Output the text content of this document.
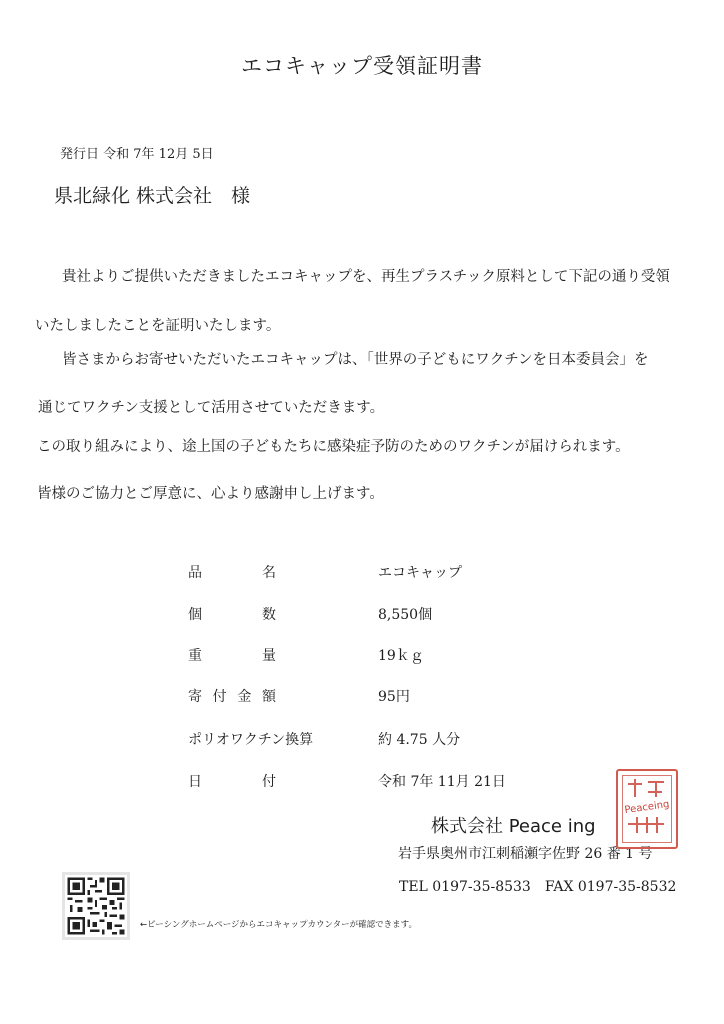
エコキャップ受領証明書
発行日 令和 7年 12月 5日
県北緑化 株式会社　様
貴社よりご提供いただきましたエコキャップを、再生プラスチック原料として下記の通り受領
いたしましたことを証明いたします。
皆さまからお寄せいただいたエコキャップは、「世界の子どもにワクチンを日本委員会」を
通じてワクチン支援として活用させていただきます。
この取り組みにより、途上国の子どもたちに感染症予防のためのワクチンが届けられます。
皆様のご協力とご厚意に、心より感謝申し上げます。
品	名	エコキャップ
個	数	8,550個
重	量	19ｋｇ
寄 付 金 額	95円
ポリオワクチン換算	約 4.75 人分
日	付	令和 7年 11月 21日
株式会社 Peace ing
岩手県奥州市江刺稲瀬字佐野 26 番 1 号
TEL 0197-35-8533　FAX 0197-35-8532
Peaceing
←ピーシングホームページからエコキャップカウンターが確認できます。
